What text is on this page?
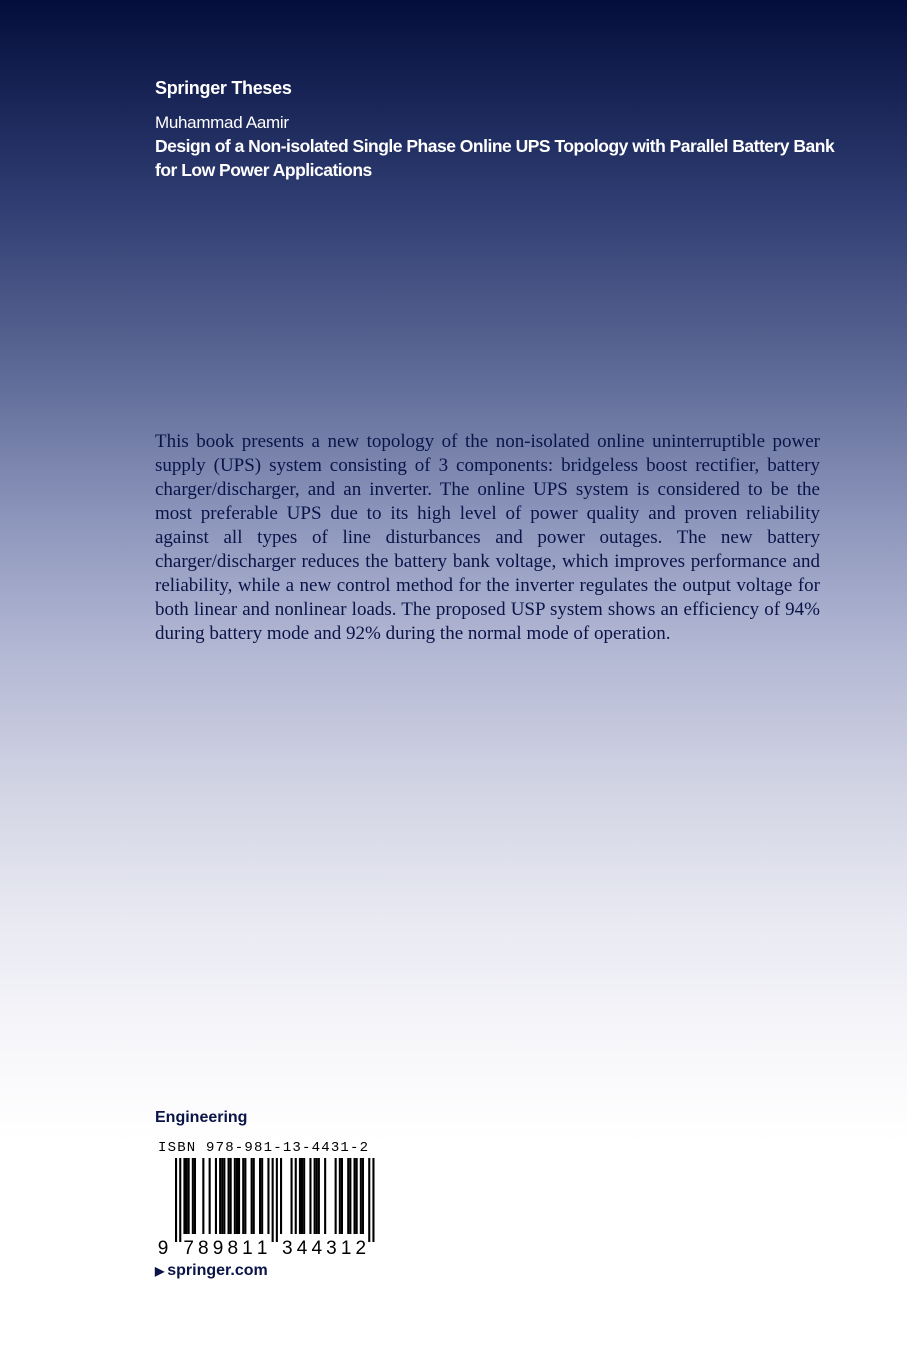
Springer Theses
Muhammad Aamir

Design of a Non-isolated Single Phase Online UPS Topology with Parallel Battery Bank for Low Power Applications

This book presents a new topology of the non-isolated online uninterruptible power supply (UPS) system consisting of 3 components: bridgeless boost rectifier, battery charger/discharger, and an inverter. The online UPS system is considered to be the most preferable UPS due to its high level of power quality and proven reliability against all types of line disturbances and power outages. The new battery charger/discharger reduces the battery bank voltage, which improves performance and reliability, while a new control method for the inverter regulates the output voltage for both linear and nonlinear loads. The proposed USP system shows an efficiency of 94% during battery mode and 92% during the normal mode of operation.

Engineering
ISBN 978-981-13-4431-2
9 7 8 9 8 1 1 3 4 4 3 1 2
▶ springer.com
